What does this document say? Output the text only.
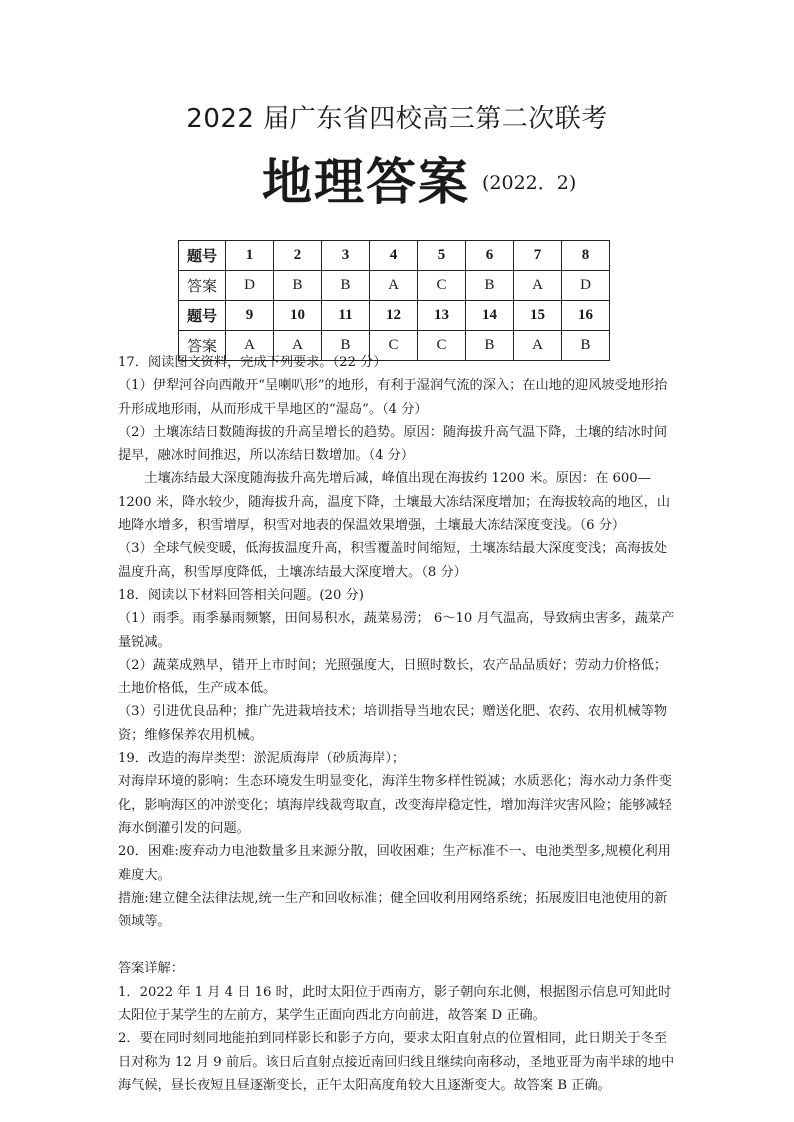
2022 届广东省四校高三第二次联考
地理答案 (2022．2)
题号	1	2	3	4	5	6	7	8
答案	D	B	B	A	C	B	A	D
题号	9	10	11	12	13	14	15	16
答案	A	A	B	C	C	B	A	B

17．阅读图文资料，完成下列要求。（22 分）

（1）伊犁河谷向西敞开“呈喇叭形”的地形，有利于湿润气流的深入；在山地的迎风坡受地形抬升形成地形雨，从而形成干旱地区的“湿岛”。（4 分）

（2）土壤冻结日数随海拔的升高呈增长的趋势。原因：随海拔升高气温下降，土壤的结冰时间提早，融冰时间推迟，所以冻结日数增加。（4 分）

土壤冻结最大深度随海拔升高先增后减，峰值出现在海拔约 1200 米。原因：在 600—1200 米，降水较少，随海拔升高，温度下降，土壤最大冻结深度增加；在海拔较高的地区，山地降水增多，积雪增厚，积雪对地表的保温效果增强，土壤最大冻结深度变浅。（6 分）

（3）全球气候变暖，低海拔温度升高，积雪覆盖时间缩短，土壤冻结最大深度变浅；高海拔处温度升高，积雪厚度降低，土壤冻结最大深度增大。（8 分）

18．阅读以下材料回答相关问题。(20 分)

（1）雨季。雨季暴雨频繁，田间易积水，蔬菜易涝； 6～10 月气温高，导致病虫害多，蔬菜产量锐减。

（2）蔬菜成熟早，错开上市时间；光照强度大，日照时数长，农产品品质好；劳动力价格低；土地价格低，生产成本低。

（3）引进优良品种；推广先进栽培技术；培训指导当地农民；赠送化肥、农药、农用机械等物资；维修保养农用机械。

19．改造的海岸类型：淤泥质海岸（砂质海岸）；

对海岸环境的影响：生态环境发生明显变化，海洋生物多样性锐减；水质恶化；海水动力条件变化，影响海区的冲淤变化；填海岸线裁弯取直，改变海岸稳定性，增加海洋灾害风险；能够减轻海水倒灌引发的问题。

20．困难:废弃动力电池数量多且来源分散，回收困难；生产标准不一、电池类型多,规模化利用难度大。

措施:建立健全法律法规,统一生产和回收标准；健全回收利用网络系统；拓展废旧电池使用的新领域等。

答案详解：

1．2022 年 1 月 4 日 16 时，此时太阳位于西南方，影子朝向东北侧，根据图示信息可知此时太阳位于某学生的左前方，某学生正面向西北方向前进，故答案 D 正确。

2．要在同时刻同地能拍到同样影长和影子方向，要求太阳直射点的位置相同，此日期关于冬至日对称为 12 月 9 前后。该日后直射点接近南回归线且继续向南移动，圣地亚哥为南半球的地中海气候，昼长夜短且昼逐渐变长，正午太阳高度角较大且逐渐变大。故答案 B 正确。
